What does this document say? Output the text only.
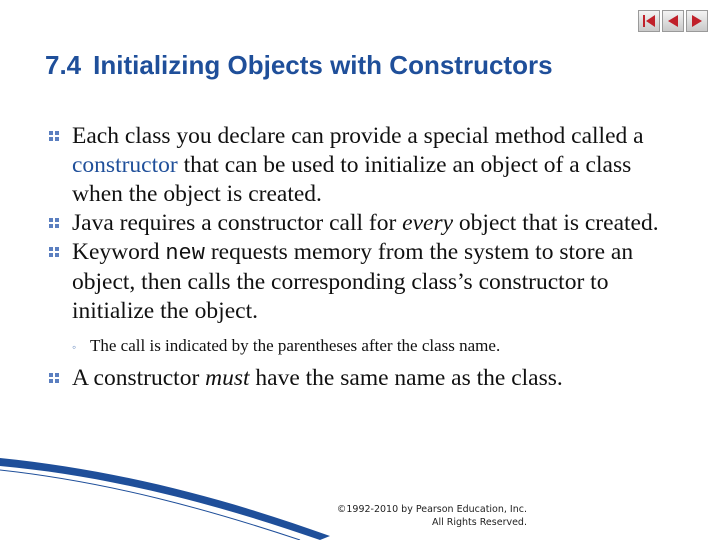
7.4 Initializing Objects with Constructors
Each class you declare can provide a special method called a constructor that can be used to initialize an object of a class when the object is created.
Java requires a constructor call for every object that is created.
Keyword new requests memory from the system to store an object, then calls the corresponding class’s constructor to initialize the object.
◦ The call is indicated by the parentheses after the class name.
A constructor must have the same name as the class.
©1992-2010 by Pearson Education, Inc.
All Rights Reserved.
